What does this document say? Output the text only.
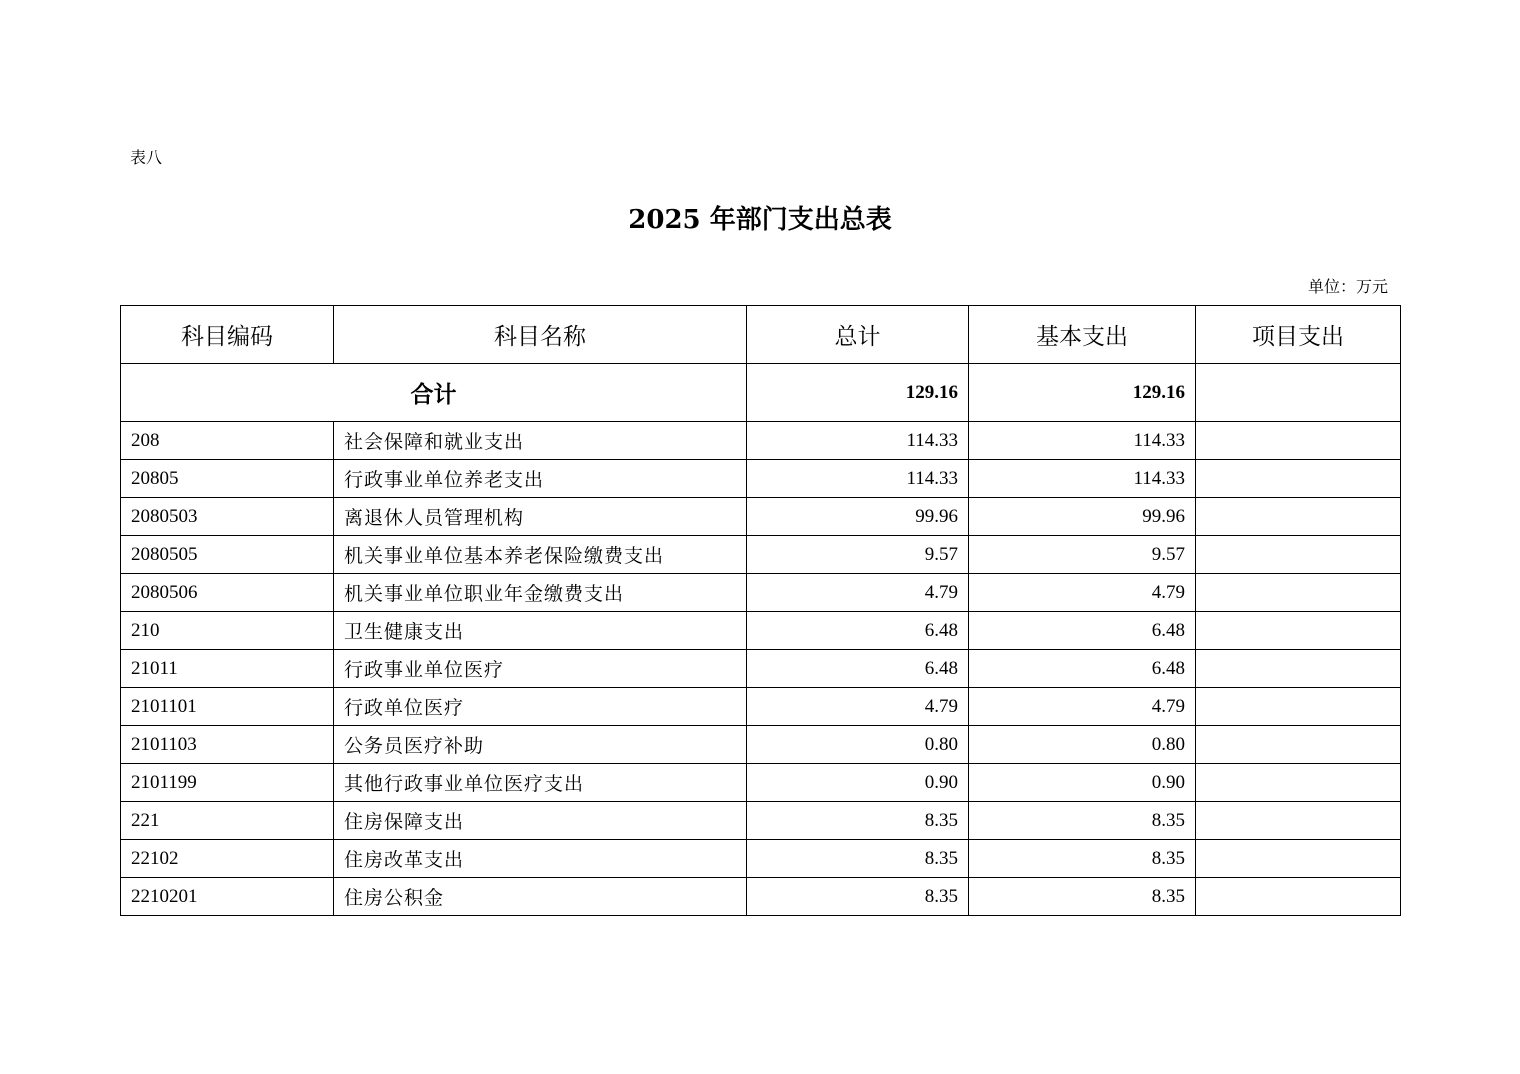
表八
2025 年部门支出总表
单位：万元
科目编码	科目名称	总计	基本支出	项目支出
合计		129.16	129.16	
208	社会保障和就业支出	114.33	114.33	
20805	行政事业单位养老支出	114.33	114.33	
2080503	离退休人员管理机构	99.96	99.96	
2080505	机关事业单位基本养老保险缴费支出	9.57	9.57	
2080506	机关事业单位职业年金缴费支出	4.79	4.79	
210	卫生健康支出	6.48	6.48	
21011	行政事业单位医疗	6.48	6.48	
2101101	行政单位医疗	4.79	4.79	
2101103	公务员医疗补助	0.80	0.80	
2101199	其他行政事业单位医疗支出	0.90	0.90	
221	住房保障支出	8.35	8.35	
22102	住房改革支出	8.35	8.35	
2210201	住房公积金	8.35	8.35	
